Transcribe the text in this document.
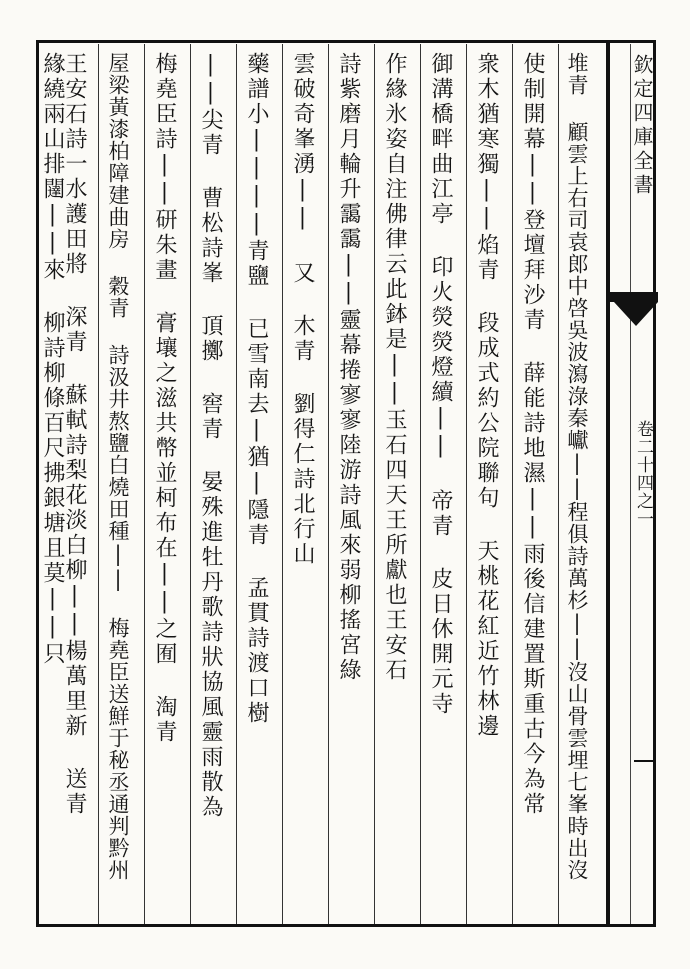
欽定四庫全書
卷二十四之一
堆青 顧雲上右司袁郎中啓吳波瀉淥秦巘||程俱詩萬杉||沒山骨雲埋七峯時出沒
使制開幕||登壇拜沙青 薛能詩地濕||雨後信建置斯重古今為常
衆木猶寒獨||焰青 段成式約公院聯句 天桃花紅近竹林邊
御溝橋畔曲江亭 印火熒熒燈續|| 帝青 皮日休開元寺
作緣氷姿自注佛律云此鉢是||玉石四天王所獻也王安石
詩紫磨月輪升靄靄||靈幕捲寥寥陸游詩風來弱柳搖宮綠
雲破奇峯湧|| 又 木青 劉得仁詩北行山
藥譜小||||青鹽 已雪南去|猶|隱青 孟貫詩渡口樹
||尖青 曹松詩峯 頂擲 窖青 晏殊進牡丹歌詩狀協風靈雨散為
梅堯臣詩||研朱畫 膏壤之滋共幣並柯布在||之囿 淘青
屋梁黃漆柏障建曲房 穀青 詩汲井熬鹽白燒田種|| 梅堯臣送鮮于秘丞通判黔州
王安石詩一水護田將 深青 蘇軾詩梨花淡白柳||楊萬里新 送青
緣繞兩山排闥||來 柳詩柳條百尺拂銀塘且莫||只
